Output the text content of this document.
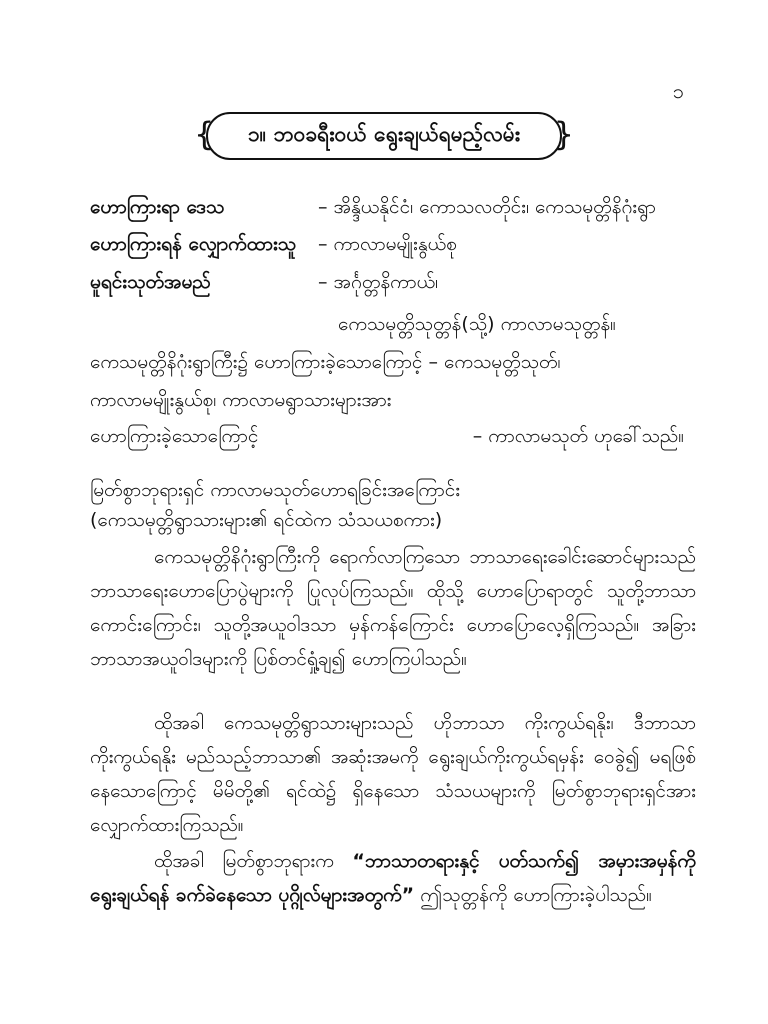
၁
{ ၁။ ဘဝခရီးဝယ် ရွေးချယ်ရမည့်လမ်း }
ဟောကြားရာ ဒေသ	– အိန္ဒိယနိုင်ငံ၊ ကောသလတိုင်း၊ ကေသမုတ္တိနိဂုံးရွာ
ဟောကြားရန် လျှောက်ထားသူ – ကာလာမမျိုးနွယ်စု
မူရင်းသုတ်အမည်	– အင်္ဂုတ္တနိကာယ်၊
ကေသမုတ္တိသုတ္တန်(သို့) ကာလာမသုတ္တန်။
ကေသမုတ္တိနိဂုံးရွာကြီး၌ ဟောကြားခဲ့သောကြောင့် – ကေသမုတ္တိသုတ်၊
ကာလာမမျိုးနွယ်စု၊ ကာလာမရွာသားများအား
ဟောကြားခဲ့သောကြောင့်	– ကာလာမသုတ် ဟုခေါ်သည်။
မြတ်စွာဘုရားရှင် ကာလာမသုတ်ဟောရခြင်းအကြောင်း
(ကေသမုတ္တိရွာသားများ၏ ရင်ထဲက သံသယစကား)
ကေသမုတ္တိနိဂုံးရွာကြီးကို ရောက်လာကြသော ဘာသာရေးခေါင်းဆောင်များသည် ဘာသာရေးဟောပြောပွဲများကို ပြုလုပ်ကြသည်။ ထိုသို့ ဟောပြောရာတွင် သူတို့ဘာသာကောင်းကြောင်း၊ သူတို့အယူဝါဒသာ မှန်ကန်ကြောင်း ဟောပြောလေ့ရှိကြသည်။ အခြားဘာသာအယူဝါဒများကို ပြစ်တင်ရှုံ့ချ၍ ဟောကြပါသည်။
ထိုအခါ ကေသမုတ္တိရွာသားများသည် ဟိုဘာသာ ကိုးကွယ်ရနိုး၊ ဒီဘာသာ ကိုးကွယ်ရနိုး မည်သည့်ဘာသာ၏ အဆုံးအမကို ရွေးချယ်ကိုးကွယ်ရမှန်း ဝေခွဲ၍ မရဖြစ်နေသောကြောင့် မိမိတို့၏ ရင်ထဲ၌ ရှိနေသော သံသယများကို မြတ်စွာဘုရားရှင်အား လျှောက်ထားကြသည်။
ထိုအခါ မြတ်စွာဘုရားက “ဘာသာတရားနှင့် ပတ်သက်၍ အမှားအမှန်ကို ရွေးချယ်ရန် ခက်ခဲနေသော ပုဂ္ဂိုလ်များအတွက်” ဤသုတ္တန်ကို ဟောကြားခဲ့ပါသည်။
